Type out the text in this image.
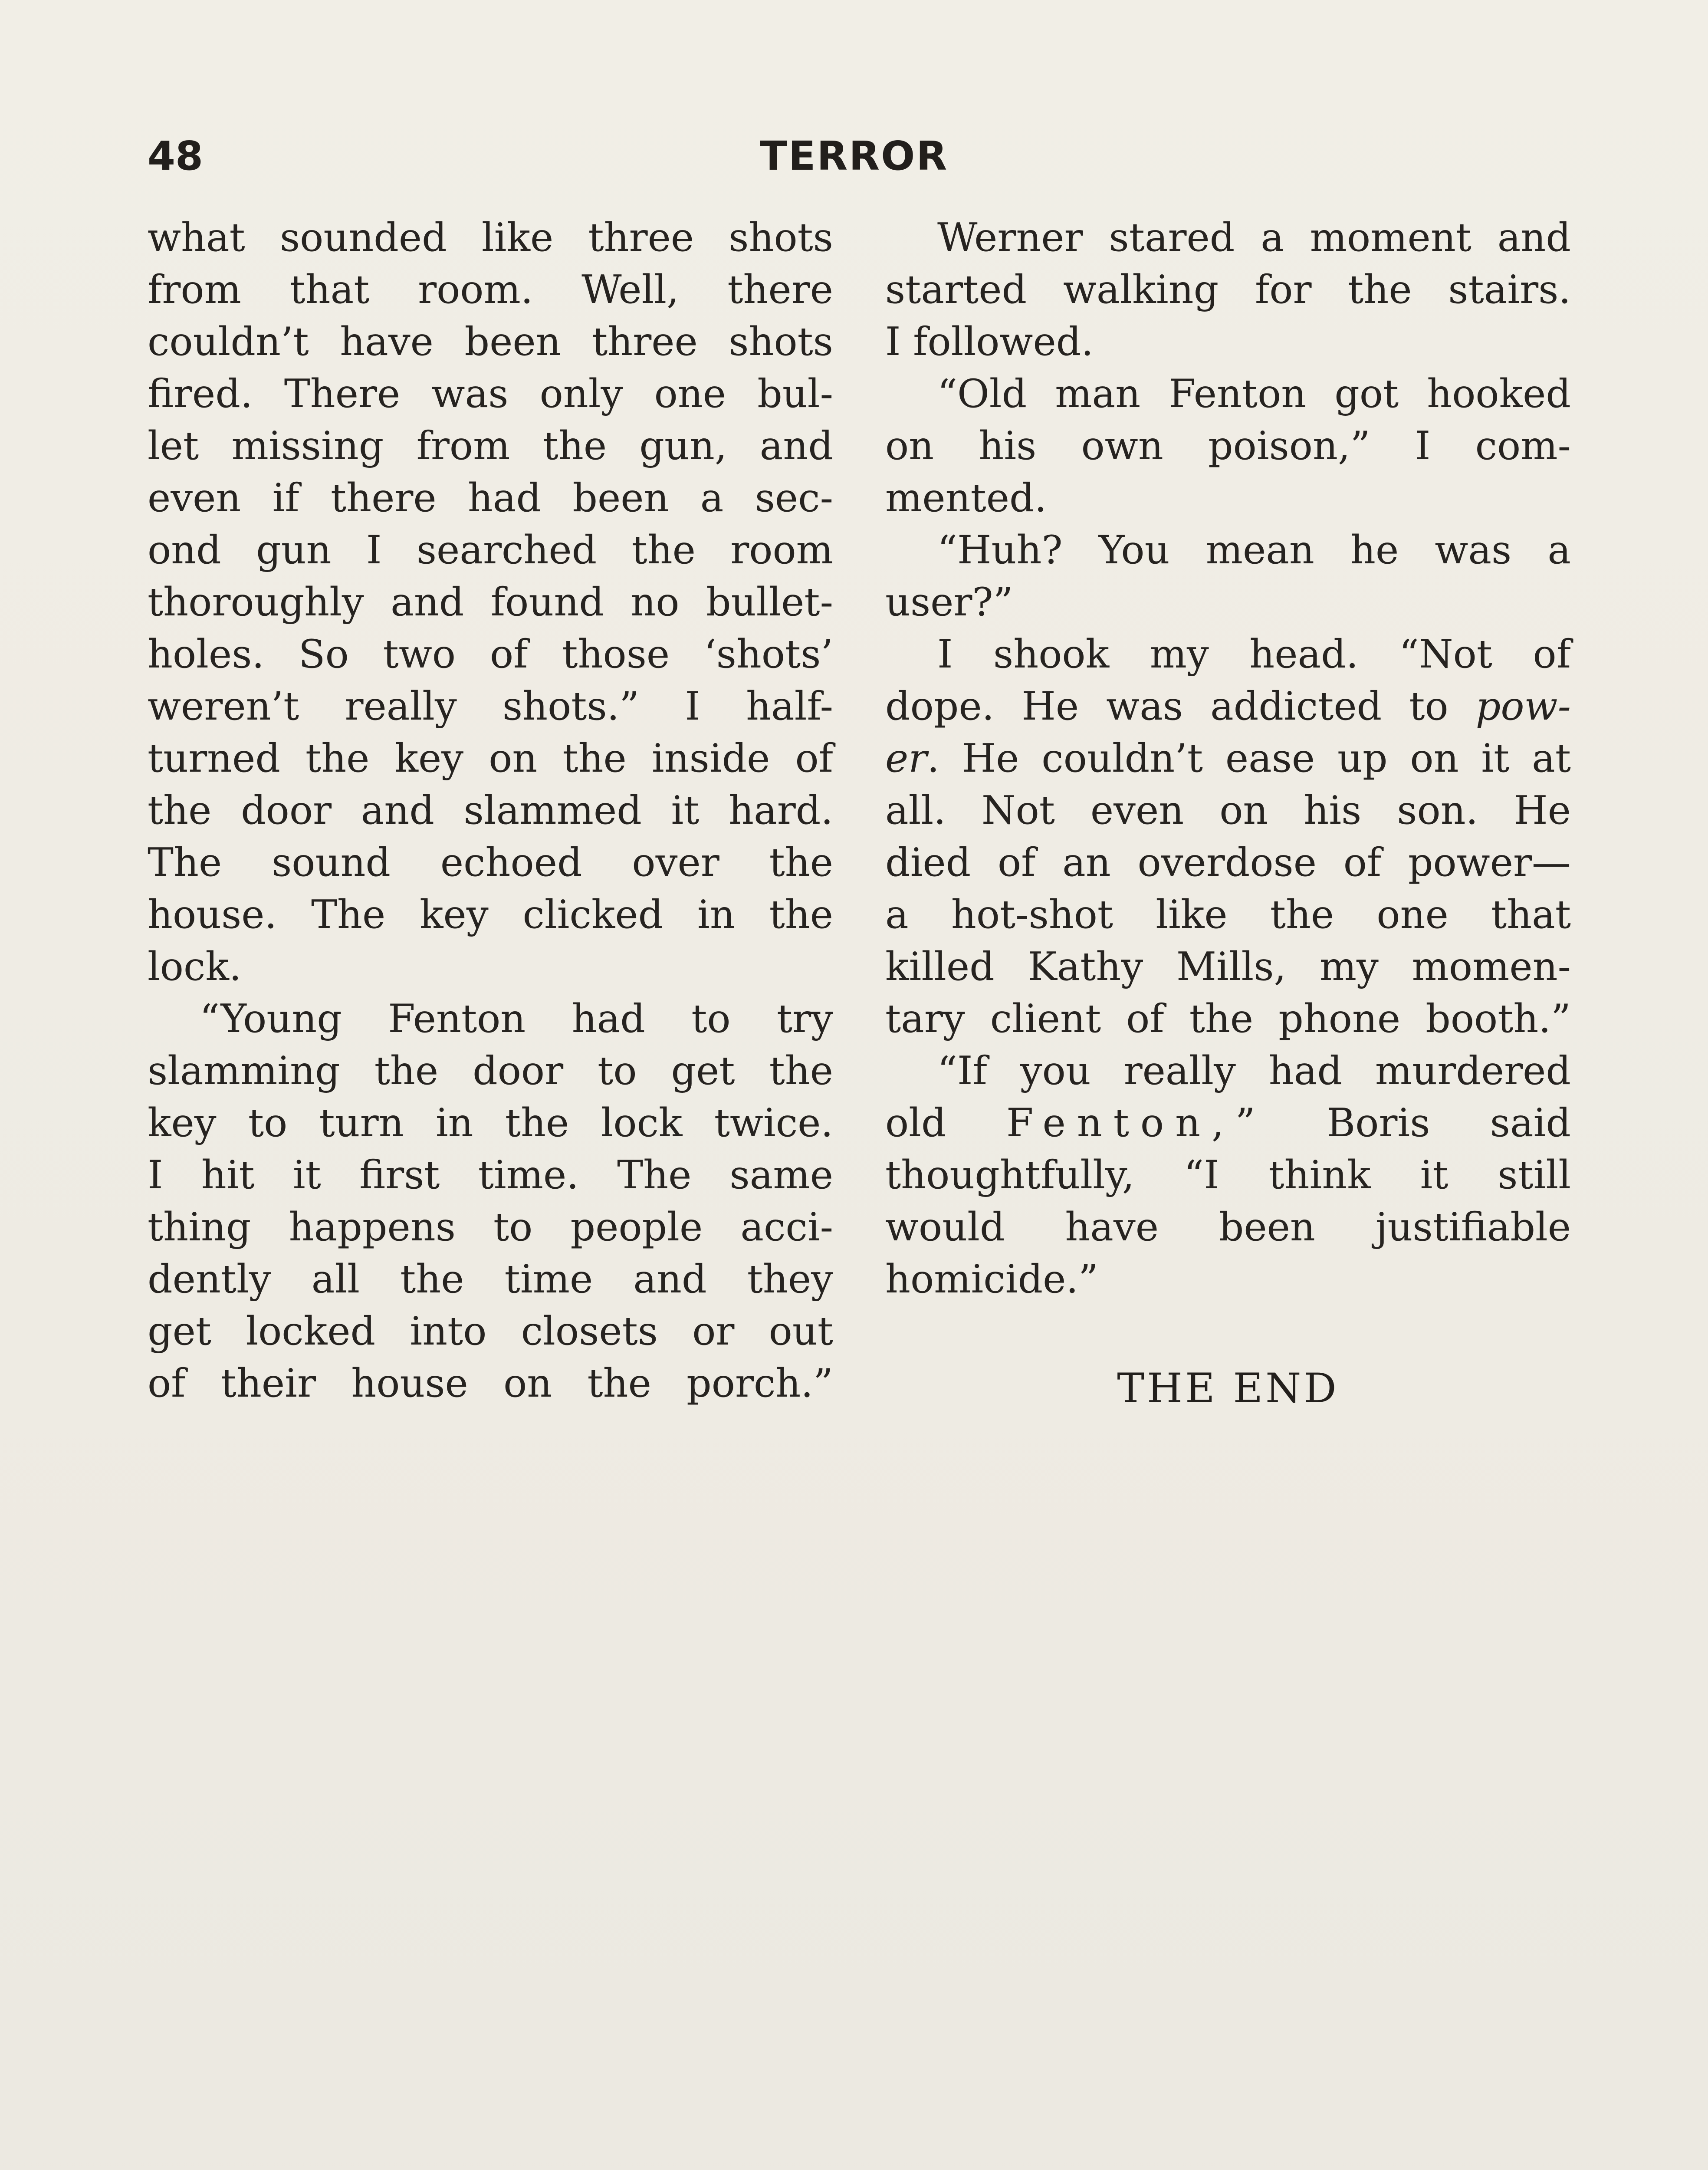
48	TERROR
what sounded like three shots
from that room. Well, there
couldn’t have been three shots
fired. There was only one bul-
let missing from the gun, and
even if there had been a sec-
ond gun I searched the room
thoroughly and found no bullet-
holes. So two of those ‘shots’
weren’t really shots.” I half-
turned the key on the inside of
the door and slammed it hard.
The sound echoed over the
house. The key clicked in the
lock.
“Young Fenton had to try
slamming the door to get the
key to turn in the lock twice.
I hit it first time. The same
thing happens to people acci-
dently all the time and they
get locked into closets or out
of their house on the porch.”
Werner stared a moment and
started walking for the stairs.
I followed.
“Old man Fenton got hooked
on his own poison,” I com-
mented.
“Huh? You mean he was a
user?”
I shook my head. “Not of
dope. He was addicted to pow-
er. He couldn’t ease up on it at
all. Not even on his son. He
died of an overdose of power—
a hot-shot like the one that
killed Kathy Mills, my momen-
tary client of the phone booth.”
“If you really had murdered
old Fenton,” Boris said
thoughtfully, “I think it still
would have been justifiable
homicide.”
THE END
